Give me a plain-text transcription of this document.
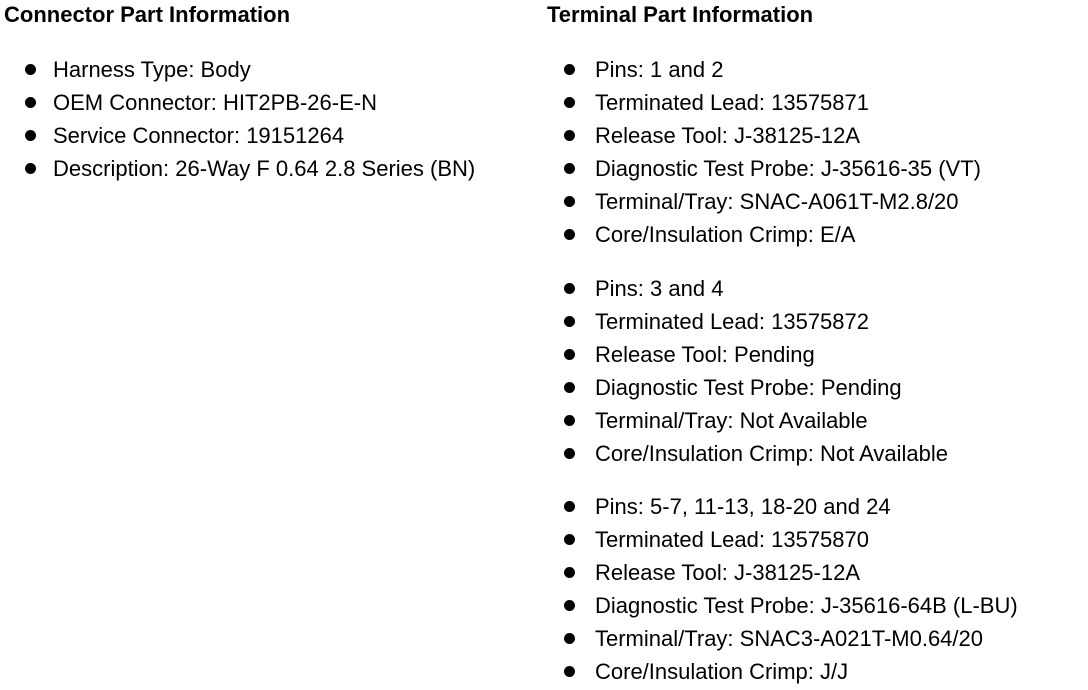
Connector Part Information
Harness Type: Body
OEM Connector: HIT2PB-26-E-N
Service Connector: 19151264
Description: 26-Way F 0.64 2.8 Series (BN)
Terminal Part Information
Pins: 1 and 2
Terminated Lead: 13575871
Release Tool: J-38125-12A
Diagnostic Test Probe: J-35616-35 (VT)
Terminal/Tray: SNAC-A061T-M2.8/20
Core/Insulation Crimp: E/A
Pins: 3 and 4
Terminated Lead: 13575872
Release Tool: Pending
Diagnostic Test Probe: Pending
Terminal/Tray: Not Available
Core/Insulation Crimp: Not Available
Pins: 5-7, 11-13, 18-20 and 24
Terminated Lead: 13575870
Release Tool: J-38125-12A
Diagnostic Test Probe: J-35616-64B (L-BU)
Terminal/Tray: SNAC3-A021T-M0.64/20
Core/Insulation Crimp: J/J
